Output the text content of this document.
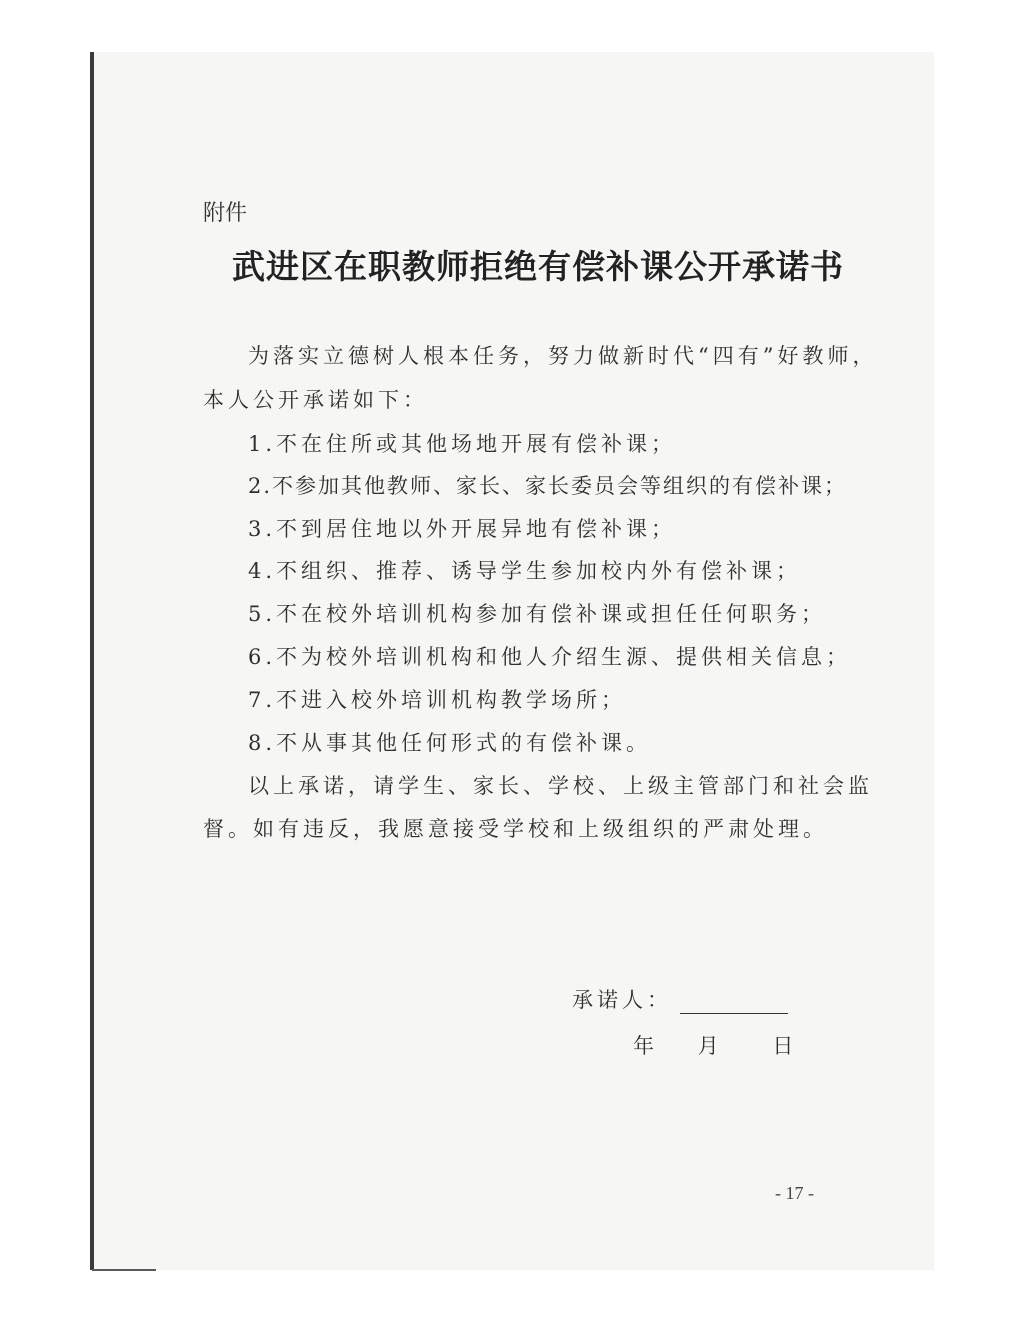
附件
武进区在职教师拒绝有偿补课公开承诺书
为落实立德树人根本任务，努力做新时代“四有”好教师，
本人公开承诺如下：
1.不在住所或其他场地开展有偿补课；
2.不参加其他教师、家长、家长委员会等组织的有偿补课；
3.不到居住地以外开展异地有偿补课；
4.不组织、推荐、诱导学生参加校内外有偿补课；
5.不在校外培训机构参加有偿补课或担任任何职务；
6.不为校外培训机构和他人介绍生源、提供相关信息；
7.不进入校外培训机构教学场所；
8.不从事其他任何形式的有偿补课。
以上承诺，请学生、家长、学校、上级主管部门和社会监
督。如有违反，我愿意接受学校和上级组织的严肃处理。
承诺人：
年 月	日
- 17 -
